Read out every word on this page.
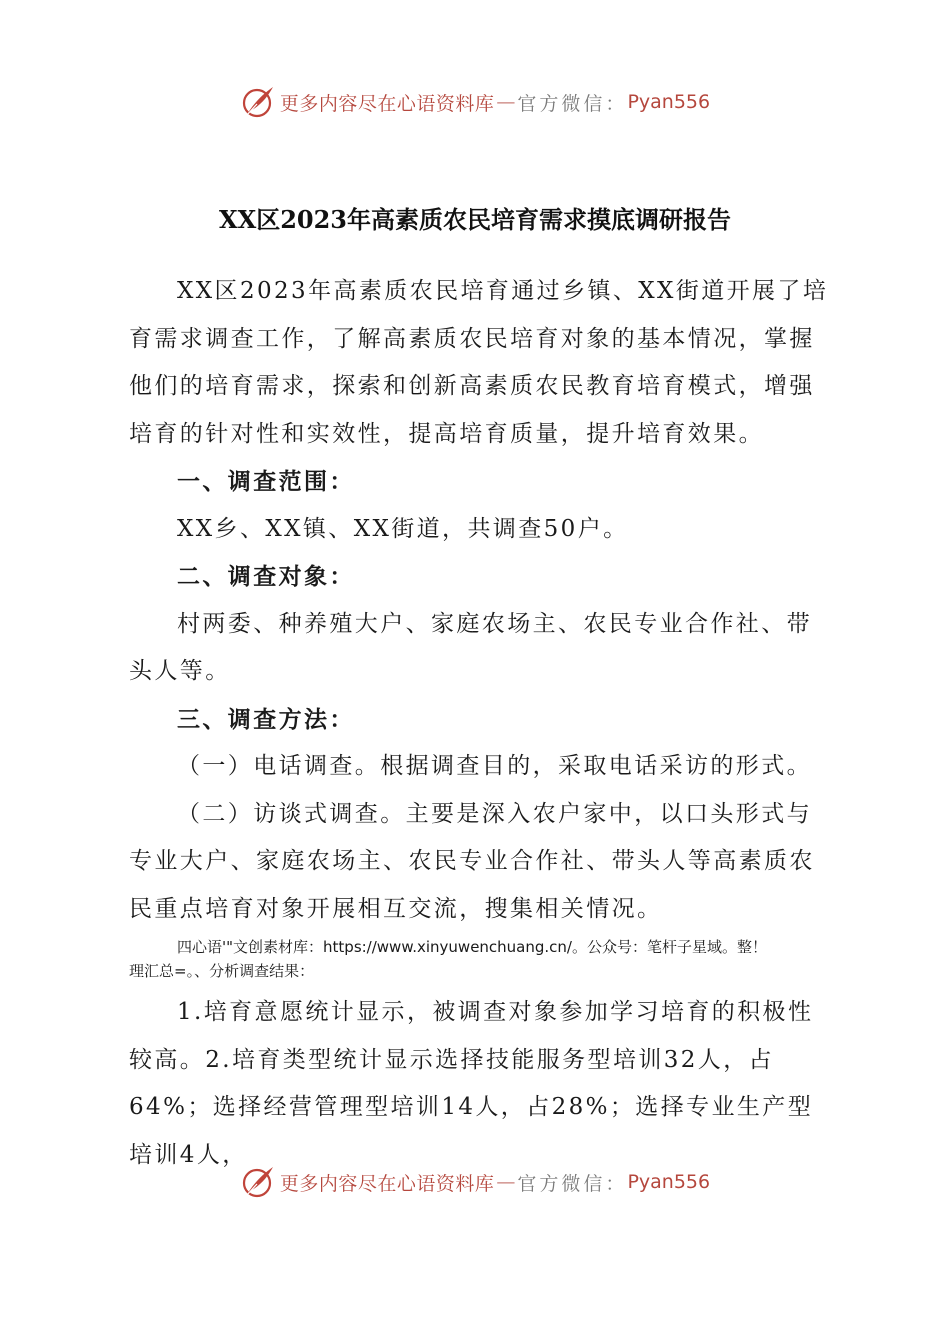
更多内容尽在心语资料库 — 官方微信： Pyan556
XX区2023年高素质农民培育需求摸底调研报告

XX区2023年高素质农民培育通过乡镇、XX街道开展了培育需求调查工作，了解高素质农民培育对象的基本情况，掌握他们的培育需求，探索和创新高素质农民教育培育模式，增强培育的针对性和实效性，提高培育质量，提升培育效果。

一、调查范围：

XX乡、XX镇、XX街道，共调查50户。

二、调查对象：

村两委、种养殖大户、家庭农场主、农民专业合作社、带头人等。

三、调查方法：

（一）电话调查。根据调查目的，采取电话采访的形式。

（二）访谈式调查。主要是深入农户家中，以口头形式与专业大户、家庭农场主、农民专业合作社、带头人等高素质农民重点培育对象开展相互交流，搜集相关情况。

四心语'"文创素材库：https://www.xinyuwenchuang.cn/。公众号：笔杆子星域。整！
理汇总=。、分析调查结果：

1.培育意愿统计显示，被调查对象参加学习培育的积极性较高。2.培育类型统计显示选择技能服务型培训32人，占64%；选择经营管理型培训14人，占28%；选择专业生产型培训4人，

更多内容尽在心语资料库 — 官方微信： Pyan556
